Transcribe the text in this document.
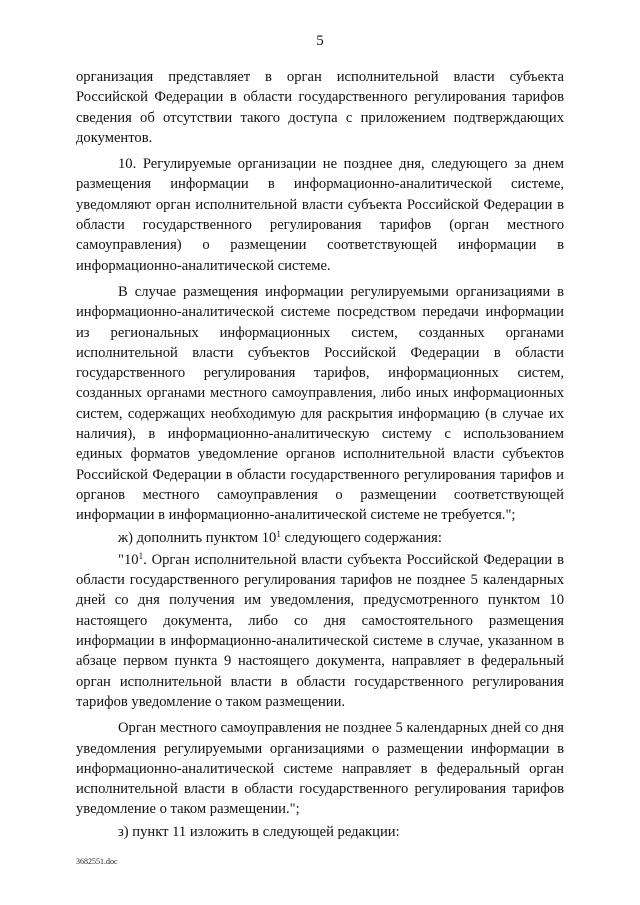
5

организация представляет в орган исполнительной власти субъекта Российской Федерации в области государственного регулирования тарифов сведения об отсутствии такого доступа с приложением подтверждающих документов.

10. Регулируемые организации не позднее дня, следующего за днем размещения информации в информационно-аналитической системе, уведомляют орган исполнительной власти субъекта Российской Федерации в области государственного регулирования тарифов (орган местного самоуправления) о размещении соответствующей информации в информационно-аналитической системе.

В случае размещения информации регулируемыми организациями в информационно-аналитической системе посредством передачи информации из региональных информационных систем, созданных органами исполнительной власти субъектов Российской Федерации в области государственного регулирования тарифов, информационных систем, созданных органами местного самоуправления, либо иных информационных систем, содержащих необходимую для раскрытия информацию (в случае их наличия), в информационно-аналитическую систему с использованием единых форматов уведомление органов исполнительной власти субъектов Российской Федерации в области государственного регулирования тарифов и органов местного самоуправления о размещении соответствующей информации в информационно-аналитической системе не требуется.";

ж) дополнить пунктом $10^1$ следующего содержания:

"$10^1$. Орган исполнительной власти субъекта Российской Федерации в области государственного регулирования тарифов не позднее 5 календарных дней со дня получения им уведомления, предусмотренного пунктом 10 настоящего документа, либо со дня самостоятельного размещения информации в информационно-аналитической системе в случае, указанном в абзаце первом пункта 9 настоящего документа, направляет в федеральный орган исполнительной власти в области государственного регулирования тарифов уведомление о таком размещении.

Орган местного самоуправления не позднее 5 календарных дней со дня уведомления регулируемыми организациями о размещении информации в информационно-аналитической системе направляет в федеральный орган исполнительной власти в области государственного регулирования тарифов уведомление о таком размещении.";

з) пункт 11 изложить в следующей редакции:

3682551.doc
